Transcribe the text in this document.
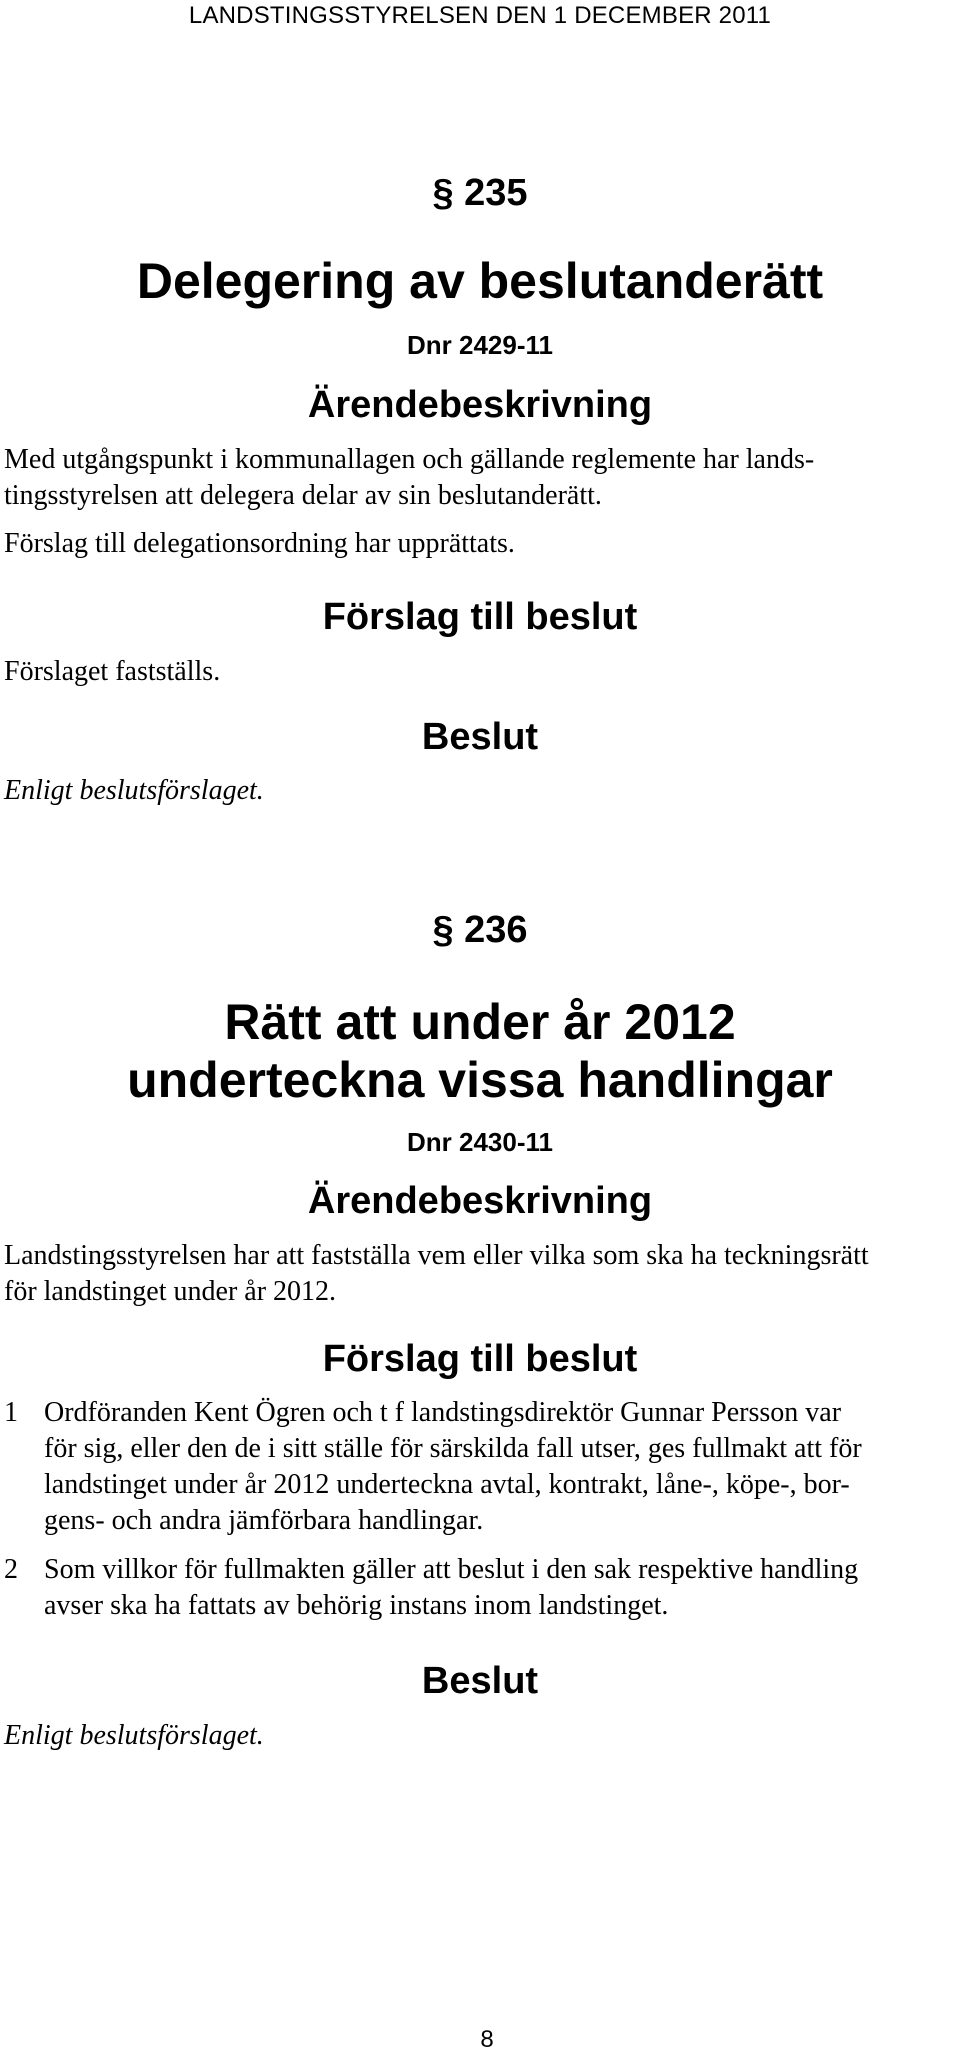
LANDSTINGSSTYRELSEN DEN 1 DECEMBER 2011
§ 235
Delegering av beslutanderätt
Dnr 2429-11
Ärendebeskrivning
Med utgångspunkt i kommunallagen och gällande reglemente har lands-
tingsstyrelsen att delegera delar av sin beslutanderätt.
Förslag till delegationsordning har upprättats.
Förslag till beslut
Förslaget fastställs.
Beslut
Enligt beslutsförslaget.
§ 236
Rätt att under år 2012
underteckna vissa handlingar
Dnr 2430-11
Ärendebeskrivning
Landstingsstyrelsen har att fastställa vem eller vilka som ska ha teckningsrätt
för landstinget under år 2012.
Förslag till beslut
1 Ordföranden Kent Ögren och t f landstingsdirektör Gunnar Persson var
för sig, eller den de i sitt ställe för särskilda fall utser, ges fullmakt att för
landstinget under år 2012 underteckna avtal, kontrakt, låne-, köpe-, bor-
gens- och andra jämförbara handlingar.
2 Som villkor för fullmakten gäller att beslut i den sak respektive handling
avser ska ha fattats av behörig instans inom landstinget.
Beslut
Enligt beslutsförslaget.
8
